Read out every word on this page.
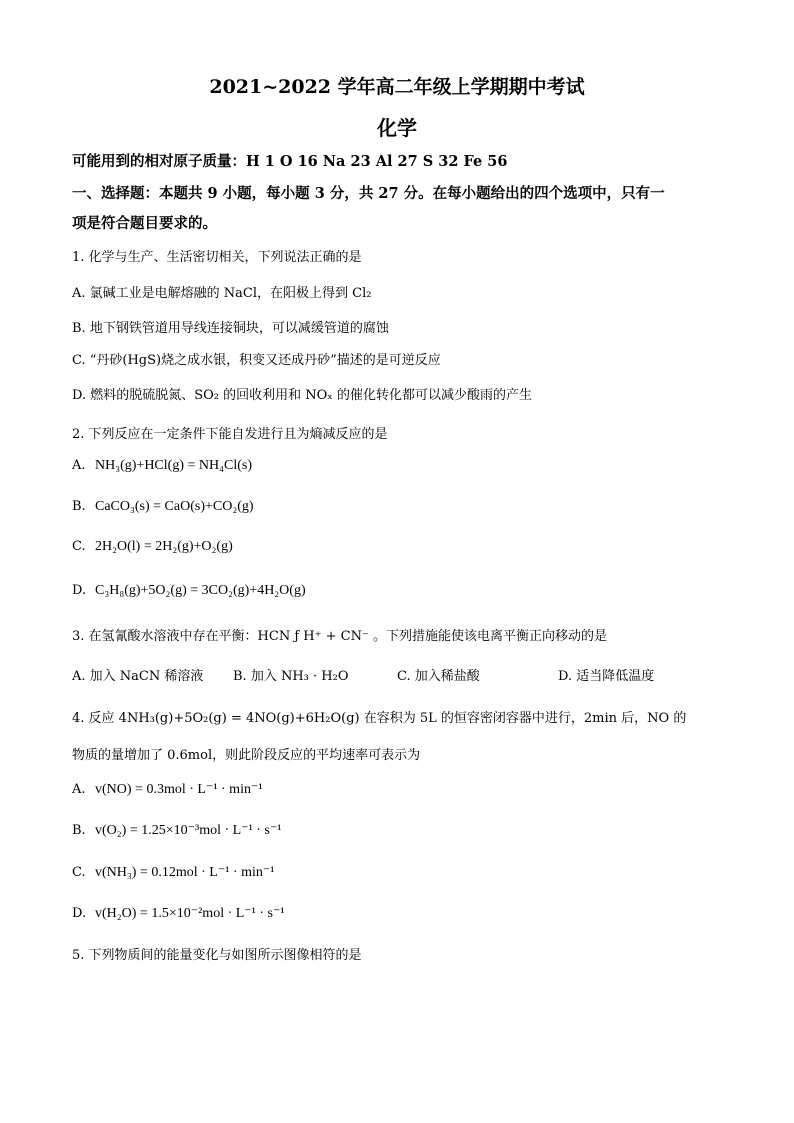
2021~2022 学年高二年级上学期期中考试
化学
可能用到的相对原子质量：H 1 O 16 Na 23 Al 27 S 32 Fe 56
一、选择题：本题共 9 小题，每小题 3 分，共 27 分。在每小题给出的四个选项中，只有一
项是符合题目要求的。
1. 化学与生产、生活密切相关，下列说法正确的是
A. 氯碱工业是电解熔融的 NaCl，在阳极上得到 Cl₂
B. 地下钢铁管道用导线连接铜块，可以减缓管道的腐蚀
C. “丹砂(HgS)烧之成水银，积变又还成丹砂”描述的是可逆反应
D. 燃料的脱硫脱氮、SO₂ 的回收利用和 NOₓ 的催化转化都可以减少酸雨的产生
2. 下列反应在一定条件下能自发进行且为熵减反应的是
A. NH₃(g)+HCl(g) = NH₄Cl(s)
B. CaCO₃(s) = CaO(s)+CO₂(g)
C. 2H₂O(l) = 2H₂(g)+O₂(g)
D. C₃H₈(g)+5O₂(g) = 3CO₂(g)+4H₂O(g)
3. 在氢氰酸水溶液中存在平衡：HCN ƒ H⁺ + CN⁻ 。下列措施能使该电离平衡正向移动的是
A. 加入 NaCN 稀溶液 B. 加入 NH₃ · H₂O	C. 加入稀盐酸	D. 适当降低温度
4. 反应 4NH₃(g)+5O₂(g) = 4NO(g)+6H₂O(g) 在容积为 5L 的恒容密闭容器中进行，2min 后，NO 的
物质的量增加了 0.6mol，则此阶段反应的平均速率可表示为
A. v(NO) = 0.3mol · L⁻¹ · min⁻¹
B. v(O₂) = 1.25×10⁻³mol · L⁻¹ · s⁻¹
C. v(NH₃) = 0.12mol · L⁻¹ · min⁻¹
D. v(H₂O) = 1.5×10⁻²mol · L⁻¹ · s⁻¹
5. 下列物质间的能量变化与如图所示图像相符的是
